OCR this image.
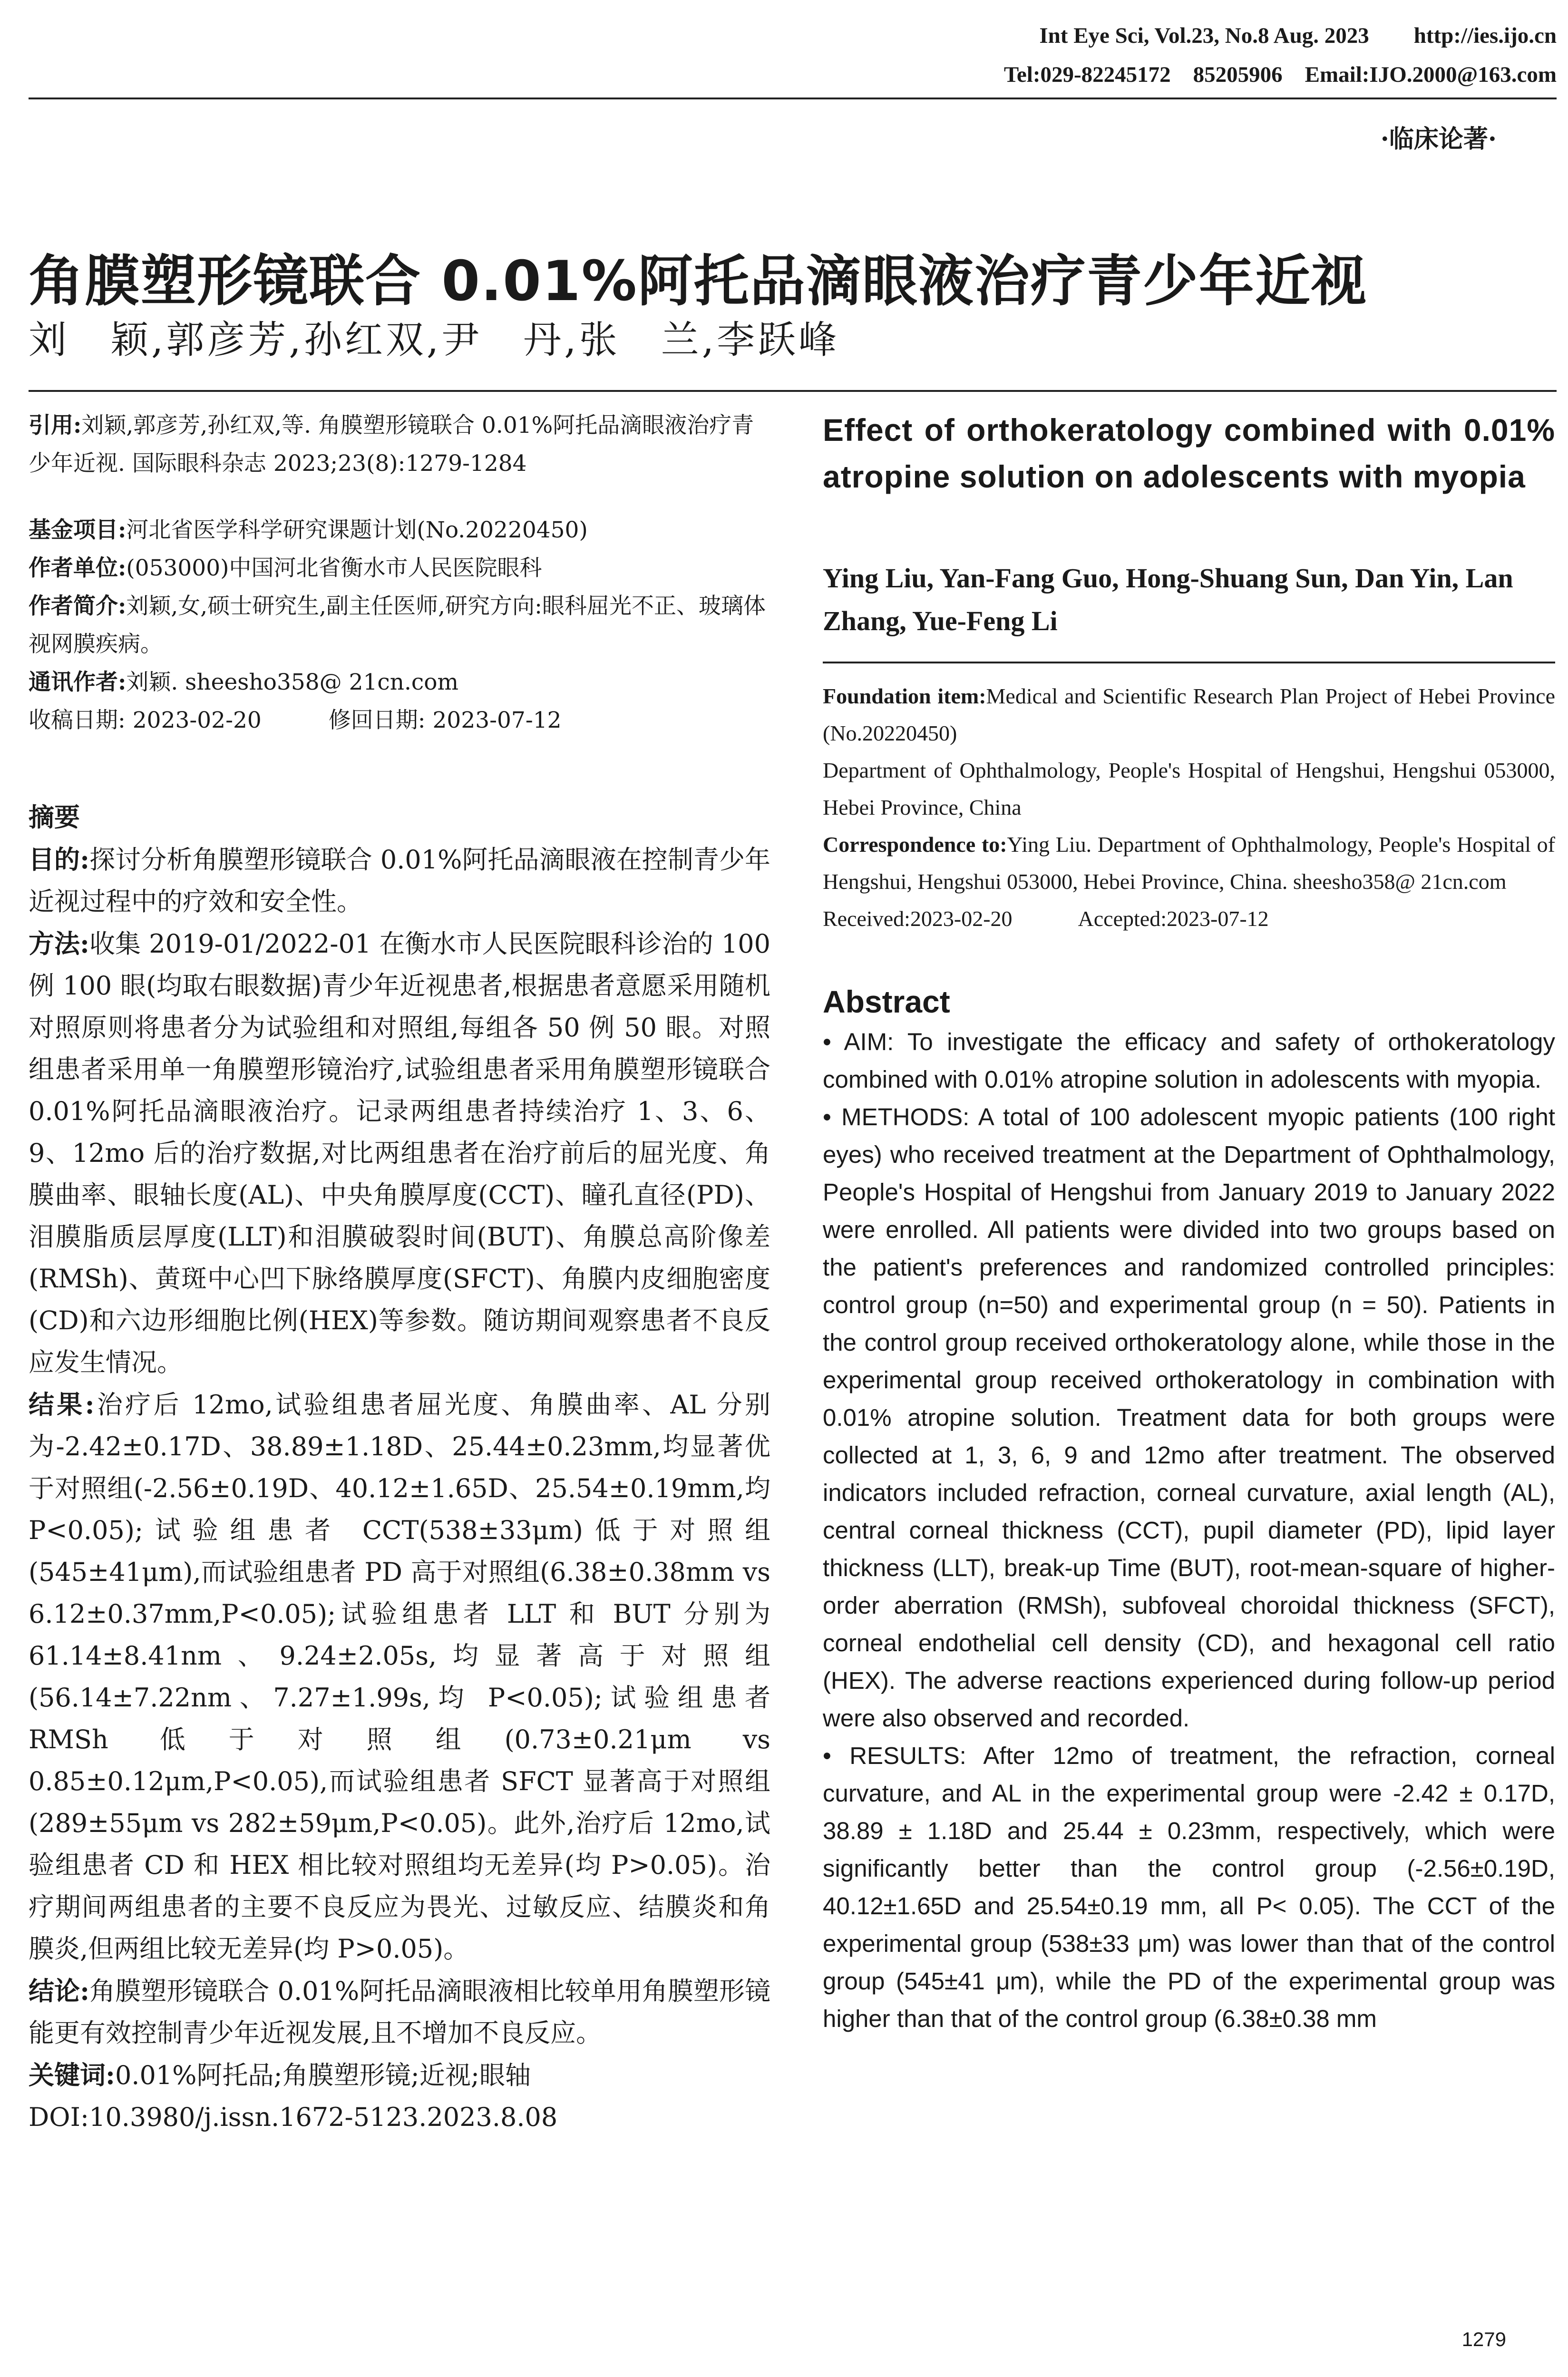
Int Eye Sci, Vol.23, No.8 Aug. 2023        http://ies.ijo.cn
Tel:029-82245172    85205906    Email:IJO.2000@163.com
·临床论著·
角膜塑形镜联合 0.01%阿托品滴眼液治疗青少年近视
刘　颖,郭彦芳,孙红双,尹　丹,张　兰,李跃峰

引用:刘颖,郭彦芳,孙红双,等. 角膜塑形镜联合 0.01%阿托品滴眼液治疗青少年近视. 国际眼科杂志 2023;23(8):1279-1284

基金项目:河北省医学科学研究课题计划(No.20220450)

作者单位:(053000)中国河北省衡水市人民医院眼科

作者简介:刘颖,女,硕士研究生,副主任医师,研究方向:眼科屈光不正、玻璃体视网膜疾病。

通讯作者:刘颖. sheesho358@ 21cn.com

收稿日期: 2023-02-20　　　修回日期: 2023-07-12

摘要

目的:探讨分析角膜塑形镜联合 0.01%阿托品滴眼液在控制青少年近视过程中的疗效和安全性。

方法:收集 2019-01/2022-01 在衡水市人民医院眼科诊治的 100 例 100 眼(均取右眼数据)青少年近视患者,根据患者意愿采用随机对照原则将患者分为试验组和对照组,每组各 50 例 50 眼。对照组患者采用单一角膜塑形镜治疗,试验组患者采用角膜塑形镜联合 0.01%阿托品滴眼液治疗。记录两组患者持续治疗 1、3、6、9、12mo 后的治疗数据,对比两组患者在治疗前后的屈光度、角膜曲率、眼轴长度(AL)、中央角膜厚度(CCT)、瞳孔直径(PD)、泪膜脂质层厚度(LLT)和泪膜破裂时间(BUT)、角膜总高阶像差(RMSh)、黄斑中心凹下脉络膜厚度(SFCT)、角膜内皮细胞密度(CD)和六边形细胞比例(HEX)等参数。随访期间观察患者不良反应发生情况。

结果:治疗后 12mo,试验组患者屈光度、角膜曲率、AL 分别为-2.42±0.17D、38.89±1.18D、25.44±0.23mm,均显著优于对照组(-2.56±0.19D、40.12±1.65D、25.54±0.19mm,均 P<0.05);试验组患者 CCT(538±33μm)低于对照组(545±41μm),而试验组患者 PD 高于对照组(6.38±0.38mm vs 6.12±0.37mm,P<0.05);试验组患者 LLT 和 BUT 分别为 61.14±8.41nm、9.24±2.05s,均显著高于对照组(56.14±7.22nm、7.27±1.99s,均 P<0.05);试验组患者 RMSh 低于对照组(0.73±0.21μm vs 0.85±0.12μm,P<0.05),而试验组患者 SFCT 显著高于对照组(289±55μm vs 282±59μm,P<0.05)。此外,治疗后 12mo,试验组患者 CD 和 HEX 相比较对照组均无差异(均 P>0.05)。治疗期间两组患者的主要不良反应为畏光、过敏反应、结膜炎和角膜炎,但两组比较无差异(均 P>0.05)。

结论:角膜塑形镜联合 0.01%阿托品滴眼液相比较单用角膜塑形镜能更有效控制青少年近视发展,且不增加不良反应。

关键词:0.01%阿托品;角膜塑形镜;近视;眼轴

DOI:10.3980/j.issn.1672-5123.2023.8.08

Effect of orthokeratology combined with 0.01% atropine solution on adolescents with myopia
Ying Liu, Yan-Fang Guo, Hong-Shuang Sun, Dan Yin, Lan Zhang, Yue-Feng Li

Foundation item:Medical and Scientific Research Plan Project of Hebei Province (No.20220450)

Department of Ophthalmology, People's Hospital of Hengshui, Hengshui 053000, Hebei Province, China

Correspondence to:Ying Liu. Department of Ophthalmology, People's Hospital of Hengshui, Hengshui 053000, Hebei Province, China. sheesho358@ 21cn.com

Received:2023-02-20　　　Accepted:2023-07-12

Abstract

• AIM: To investigate the efficacy and safety of orthokeratology combined with 0.01% atropine solution in adolescents with myopia.

• METHODS: A total of 100 adolescent myopic patients (100 right eyes) who received treatment at the Department of Ophthalmology, People's Hospital of Hengshui from January 2019 to January 2022 were enrolled. All patients were divided into two groups based on the patient's preferences and randomized controlled principles: control group (n=50) and experimental group (n = 50). Patients in the control group received orthokeratology alone, while those in the experimental group received orthokeratology in combination with 0.01% atropine solution. Treatment data for both groups were collected at 1, 3, 6, 9 and 12mo after treatment. The observed indicators included refraction, corneal curvature, axial length (AL), central corneal thickness (CCT), pupil diameter (PD), lipid layer thickness (LLT), break-up Time (BUT), root-mean-square of higher-order aberration (RMSh), subfoveal choroidal thickness (SFCT), corneal endothelial cell density (CD), and hexagonal cell ratio (HEX). The adverse reactions experienced during follow-up period were also observed and recorded.

• RESULTS: After 12mo of treatment, the refraction, corneal curvature, and AL in the experimental group were -2.42 ± 0.17D, 38.89 ± 1.18D and 25.44 ± 0.23mm, respectively, which were significantly better than the control group (-2.56±0.19D, 40.12±1.65D and 25.54±0.19 mm, all P< 0.05). The CCT of the experimental group (538±33 μm) was lower than that of the control group (545±41 μm), while the PD of the experimental group was higher than that of the control group (6.38±0.38 mm

1279
